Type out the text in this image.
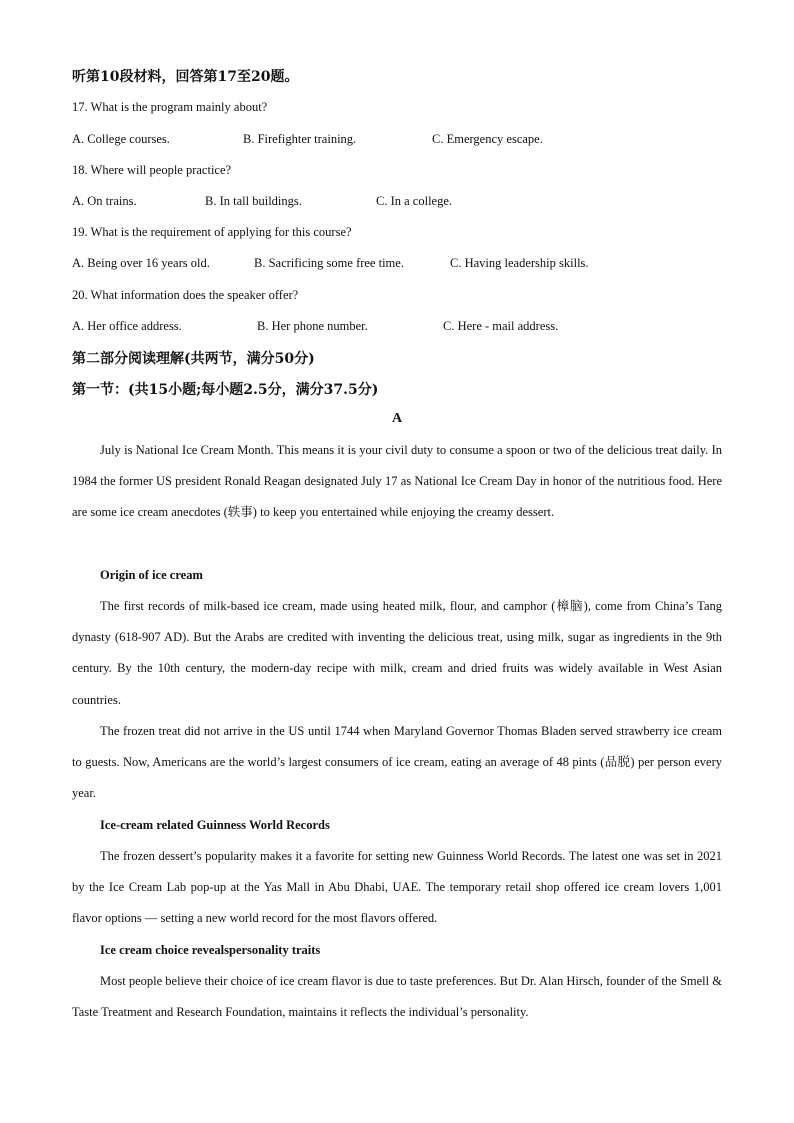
听第10段材料，回答第17至20题。
17. What is the program mainly about?
A. College courses.	B. Firefighter training.	C. Emergency escape.
18. Where will people practice?
A. On trains.	B. In tall buildings.	C. In a college.
19. What is the requirement of applying for this course?
A. Being over 16 years old.	B. Sacrificing some free time.	C. Having leadership skills.
20. What information does the speaker offer?
A. Her office address.	B. Her phone number.	C. Here - mail address.
第二部分阅读理解(共两节，满分50分)
第一节：(共15小题;每小题2.5分，满分37.5分)
A

July is National Ice Cream Month. This means it is your civil duty to consume a spoon or two of the delicious treat daily. In 1984 the former US president Ronald Reagan designated July 17 as National Ice Cream Day in honor of the nutritious food. Here are some ice cream anecdotes (轶事) to keep you entertained while enjoying the creamy dessert.

Origin of ice cream

The first records of milk-based ice cream, made using heated milk, flour, and camphor (樟脑), come from China’s Tang dynasty (618-907 AD). But the Arabs are credited with inventing the delicious treat, using milk, sugar as ingredients in the 9th century. By the 10th century, the modern-day recipe with milk, cream and dried fruits was widely available in West Asian countries.

The frozen treat did not arrive in the US until 1744 when Maryland Governor Thomas Bladen served strawberry ice cream to guests. Now, Americans are the world’s largest consumers of ice cream, eating an average of 48 pints (品脱) per person every year.

Ice-cream related Guinness World Records

The frozen dessert’s popularity makes it a favorite for setting new Guinness World Records. The latest one was set in 2021 by the Ice Cream Lab pop-up at the Yas Mall in Abu Dhabi, UAE. The temporary retail shop offered ice cream lovers 1,001 flavor options — setting a new world record for the most flavors offered.

Ice cream choice revealspersonality traits

Most people believe their choice of ice cream flavor is due to taste preferences. But Dr. Alan Hirsch, founder of the Smell & Taste Treatment and Research Foundation, maintains it reflects the individual’s personality.
